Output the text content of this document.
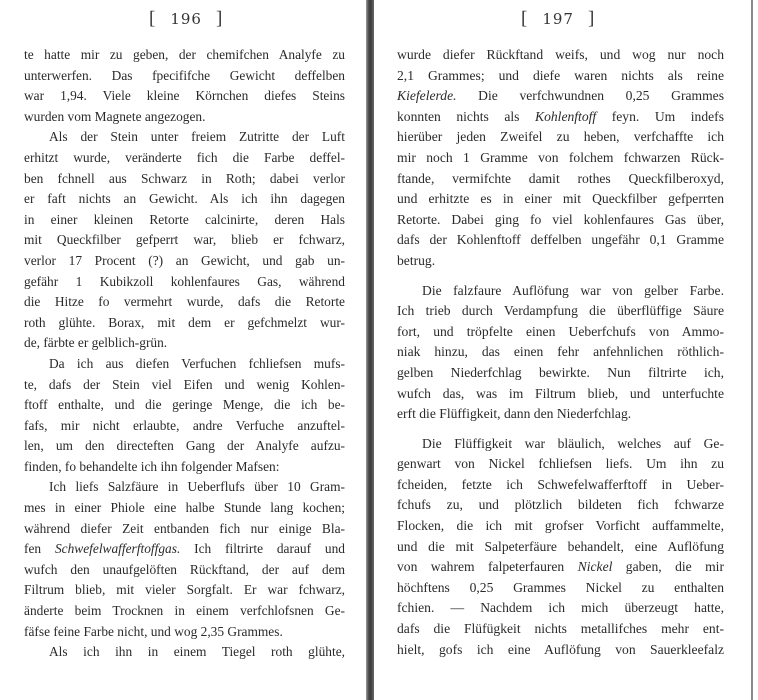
[ 196 ]
te hatte mir zu geben, der chemifchen Analyfe zu
unterwerfen. Das fpecififche Gewicht deffelben
war 1,94. Viele kleine Körnchen diefes Steins
wurden vom Magnete angezogen.
Als der Stein unter freiem Zutritte der Luft
erhitzt wurde, veränderte fich die Farbe deffel-
ben fchnell aus Schwarz in Roth; dabei verlor
er faft nichts an Gewicht. Als ich ihn dagegen
in einer kleinen Retorte calcinirte, deren Hals
mit Queckfilber gefperrt war, blieb er fchwarz,
verlor 17 Procent (?) an Gewicht, und gab un-
gefähr 1 Kubikzoll kohlenfaures Gas, während
die Hitze fo vermehrt wurde, dafs die Retorte
roth glühte. Borax, mit dem er gefchmelzt wur-
de, färbte er gelblich-grün.
Da ich aus diefen Verfuchen fchliefsen mufs-
te, dafs der Stein viel Eifen und wenig Kohlen-
ftoff enthalte, und die geringe Menge, die ich be-
fafs, mir nicht erlaubte, andre Verfuche anzuftel-
len, um den directeften Gang der Analyfe aufzu-
finden, fo behandelte ich ihn folgender Mafsen:
Ich liefs Salzfäure in Ueberflufs über 10 Gram-
mes in einer Phiole eine halbe Stunde lang kochen;
während diefer Zeit entbanden fich nur einige Bla-
fen Schwefelwafferftoffgas. Ich filtrirte darauf und
wufch den unaufgelöften Rückftand, der auf dem
Filtrum blieb, mit vieler Sorgfalt. Er war fchwarz,
änderte beim Trocknen in einem verfchlofsnen Ge-
fäfse feine Farbe nicht, und wog 2,35 Grammes.
Als ich ihn in einem Tiegel roth glühte,
[ 197 ]
wurde diefer Rückftand weifs, und wog nur noch
2,1 Grammes; und diefe waren nichts als reine
Kiefelerde. Die verfchwundnen 0,25 Grammes
konnten nichts als Kohlenftoff feyn. Um indefs
hierüber jeden Zweifel zu heben, verfchaffte ich
mir noch 1 Gramme von folchem fchwarzen Rück-
ftande, vermifchte damit rothes Queckfilberoxyd,
und erhitzte es in einer mit Queckfilber gefperrten
Retorte. Dabei ging fo viel kohlenfaures Gas über,
dafs der Kohlenftoff deffelben ungefähr 0,1 Gramme
betrug.
Die falzfaure Auflöfung war von gelber Farbe.
Ich trieb durch Verdampfung die überflüffige Säure
fort, und tröpfelte einen Ueberfchufs von Ammo-
niak hinzu, das einen fehr anfehnlichen röthlich-
gelben Niederfchlag bewirkte. Nun filtrirte ich,
wufch das, was im Filtrum blieb, und unterfuchte
erft die Flüffigkeit, dann den Niederfchlag.
Die Flüffigkeit war bläulich, welches auf Ge-
genwart von Nickel fchliefsen liefs. Um ihn zu
fcheiden, fetzte ich Schwefelwafferftoff in Ueber-
fchufs zu, und plötzlich bildeten fich fchwarze
Flocken, die ich mit grofser Vorficht auffammelte,
und die mit Salpeterfäure behandelt, eine Auflöfung
von wahrem falpeterfauren Nickel gaben, die mir
höchftens 0,25 Grammes Nickel zu enthalten
fchien. — Nachdem ich mich überzeugt hatte,
dafs die Flüfügkeit nichts metallifches mehr ent-
hielt, gofs ich eine Auflöfung von Sauerkleefalz
